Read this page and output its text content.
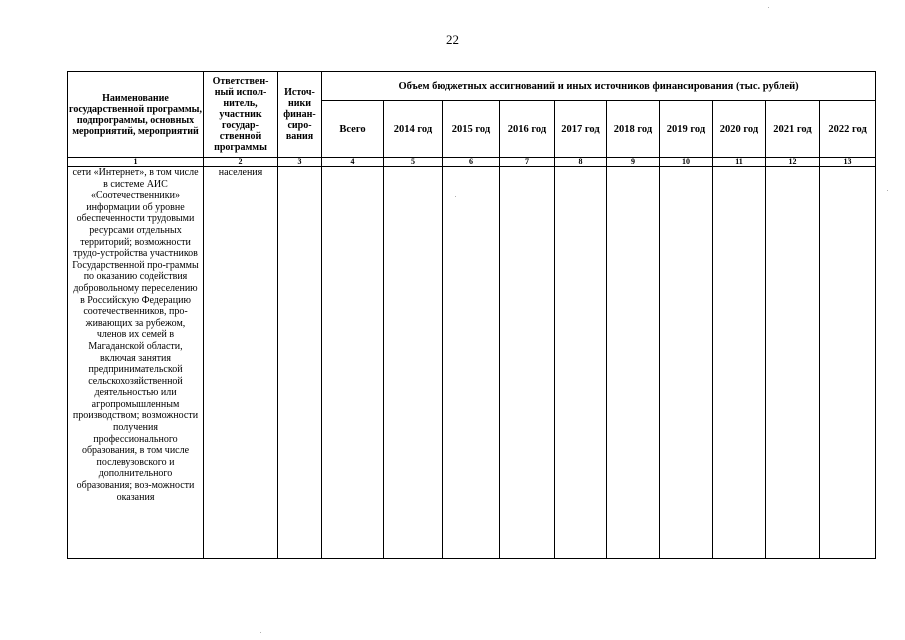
22
Наименование государственной программы, подпрограммы, основных мероприятий, мероприятий	Ответствен-ный испол-нитель, участник государ-ственной программы	Источ-ники финан-сиро-вания	Объем бюджетных ассигнований и иных источников финансирования (тыс. рублей)									
			Всего	2014 год	2015 год	2016 год	2017 год	2018 год	2019 год	2020 год	2021 год	2022 год
1	2	3	4	5	6	7	8	9	10	11	12	13

сети «Интернет», в том числе в системе АИС «Соотечественники» информации об уровне обеспеченности трудовыми ресурсами отдельных территорий; возможности трудо-устройства участников Государственной про-граммы по оказанию содействия добровольному переселению в Российскую Федерацию соотечественников, про-живающих за рубежом, членов их семей в Магаданской области, включая занятия предпринимательской сельскохозяйственной деятельностью или агропромышленным производством; возможности получения профессионального образования, в том числе послевузовского и дополнительного образования; воз-можности оказания	населения											
